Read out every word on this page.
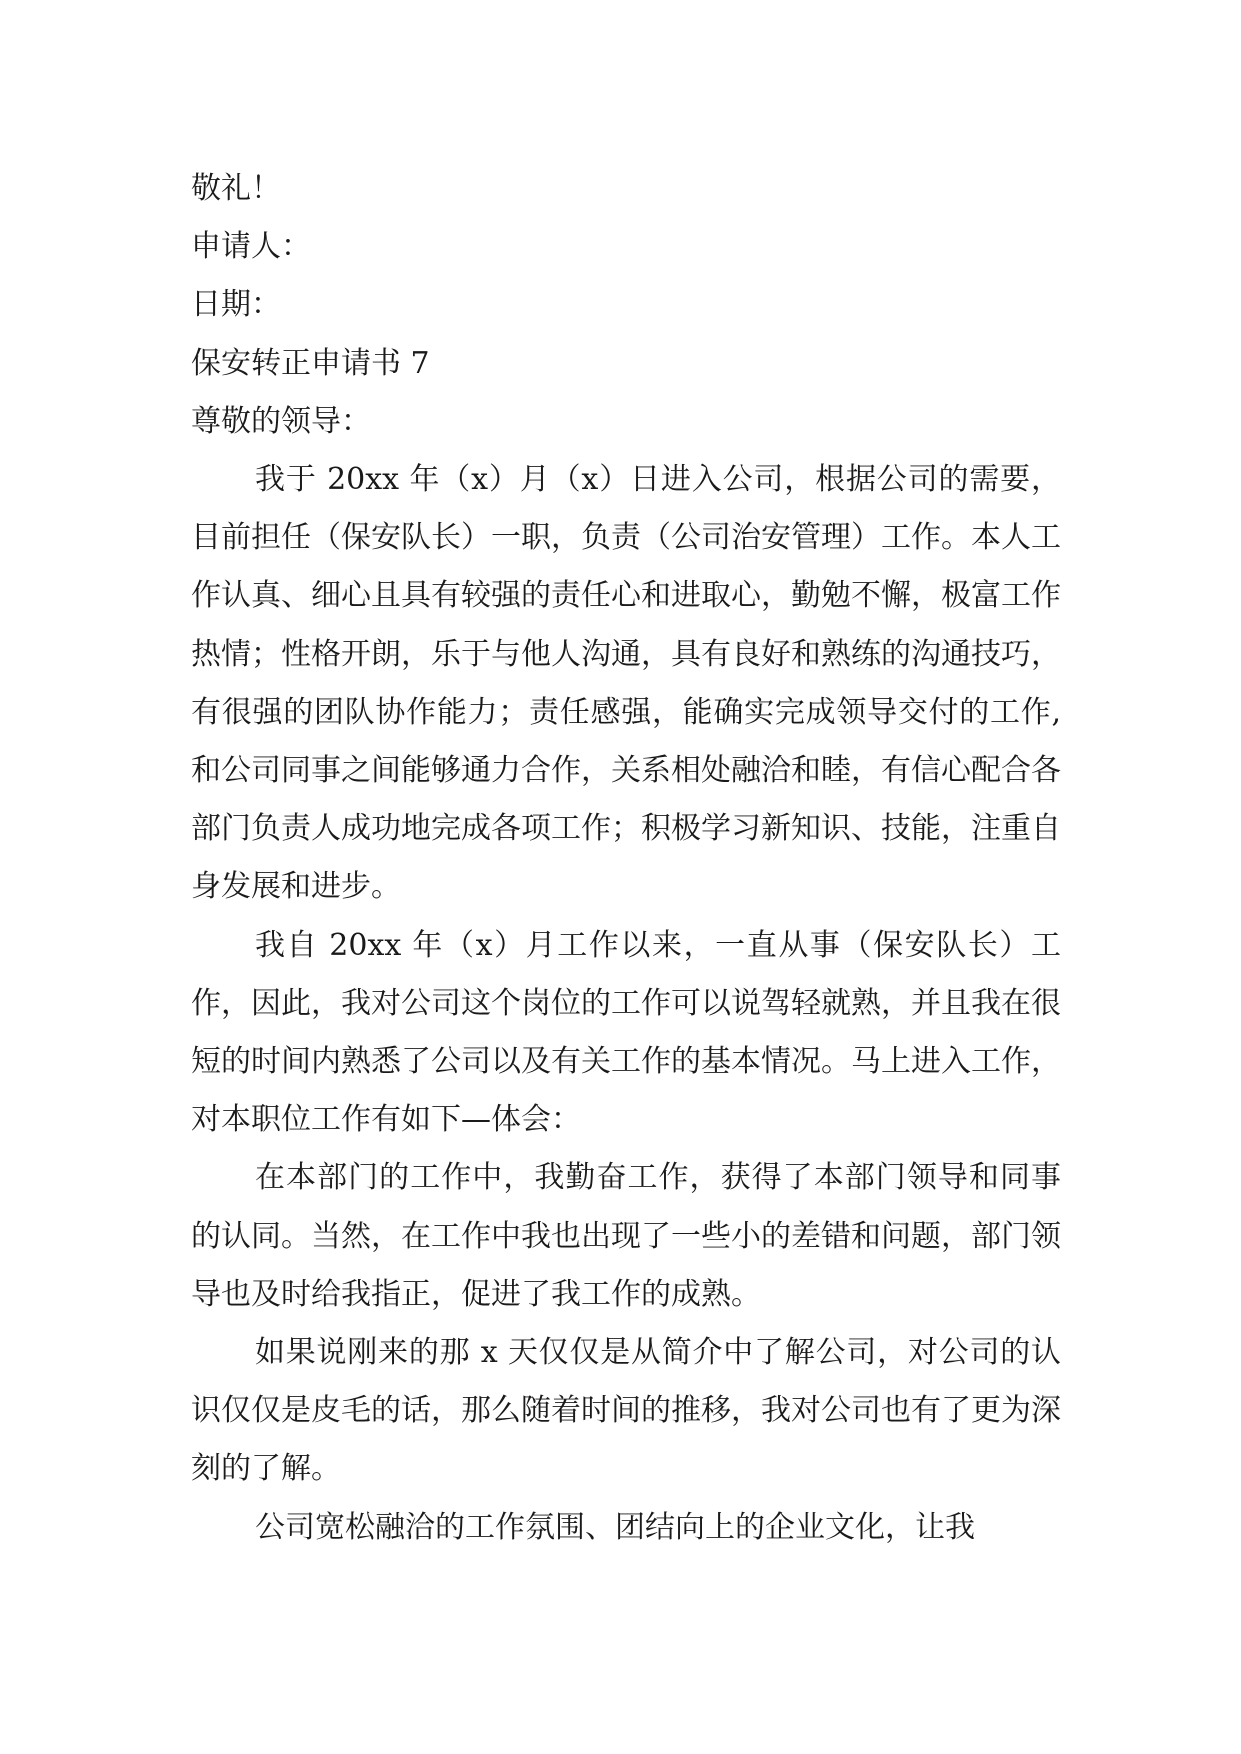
敬礼！
申请人：
日期：
保安转正申请书 7
尊敬的领导：

我于 20xx 年（x）月（x）日进入公司，根据公司的需要，目前担任（保安队长）一职，负责（公司治安管理）工作。本人工作认真、细心且具有较强的责任心和进取心，勤勉不懈，极富工作热情；性格开朗，乐于与他人沟通，具有良好和熟练的沟通技巧，有很强的团队协作能力；责任感强，能确实完成领导交付的工作,和公司同事之间能够通力合作，关系相处融洽和睦，有信心配合各部门负责人成功地完成各项工作；积极学习新知识、技能，注重自身发展和进步。

我自 20xx 年（x）月工作以来，一直从事（保安队长）工作，因此，我对公司这个岗位的工作可以说驾轻就熟，并且我在很短的时间内熟悉了公司以及有关工作的基本情况。马上进入工作，对本职位工作有如下—体会：

在本部门的工作中，我勤奋工作，获得了本部门领导和同事的认同。当然，在工作中我也出现了一些小的差错和问题，部门领导也及时给我指正，促进了我工作的成熟。

如果说刚来的那 x 天仅仅是从简介中了解公司，对公司的认识仅仅是皮毛的话，那么随着时间的推移，我对公司也有了更为深刻的了解。

公司宽松融洽的工作氛围、团结向上的企业文化，让我
